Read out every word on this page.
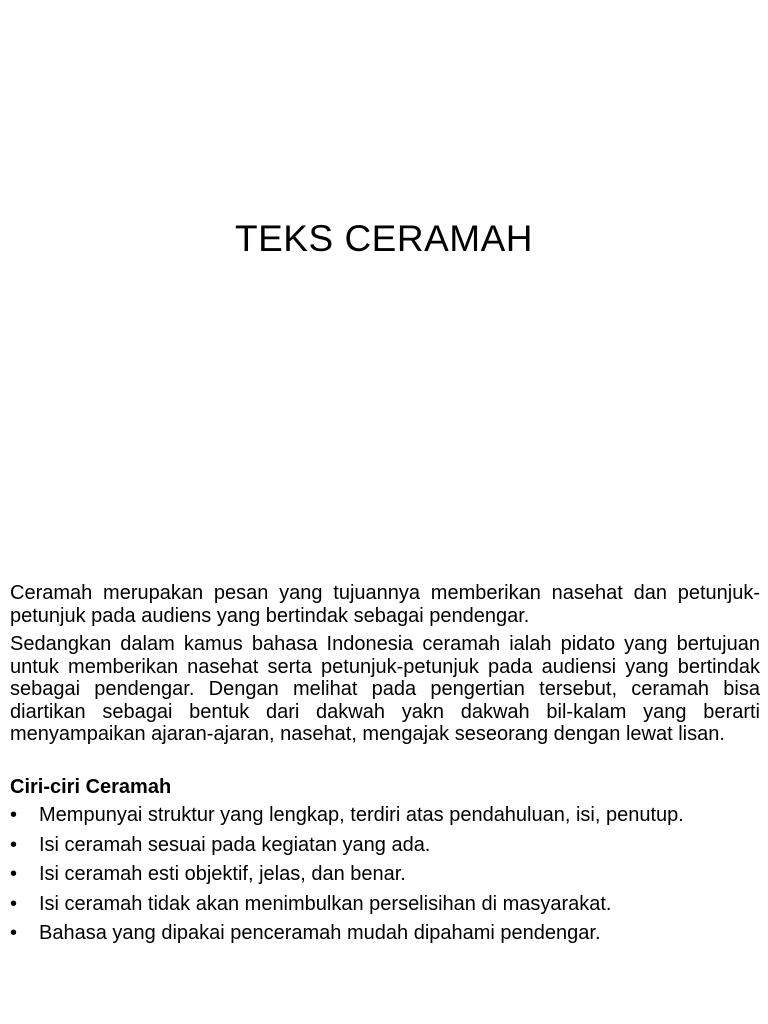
TEKS CERAMAH

Ceramah merupakan pesan yang tujuannya memberikan nasehat dan petunjuk-petunjuk pada audiens yang bertindak sebagai pendengar.

Sedangkan dalam kamus bahasa Indonesia ceramah ialah pidato yang bertujuan untuk memberikan nasehat serta petunjuk-petunjuk pada audiensi yang bertindak sebagai pendengar. Dengan melihat pada pengertian tersebut, ceramah bisa diartikan sebagai bentuk dari dakwah yakn dakwah bil-kalam yang berarti menyampaikan ajaran-ajaran, nasehat, mengajak seseorang dengan lewat lisan.

Ciri-ciri Ceramah
• Mempunyai struktur yang lengkap, terdiri atas pendahuluan, isi, penutup.
• Isi ceramah sesuai pada kegiatan yang ada.
• Isi ceramah esti objektif, jelas, dan benar.
• Isi ceramah tidak akan menimbulkan perselisihan di masyarakat.
• Bahasa yang dipakai penceramah mudah dipahami pendengar.
